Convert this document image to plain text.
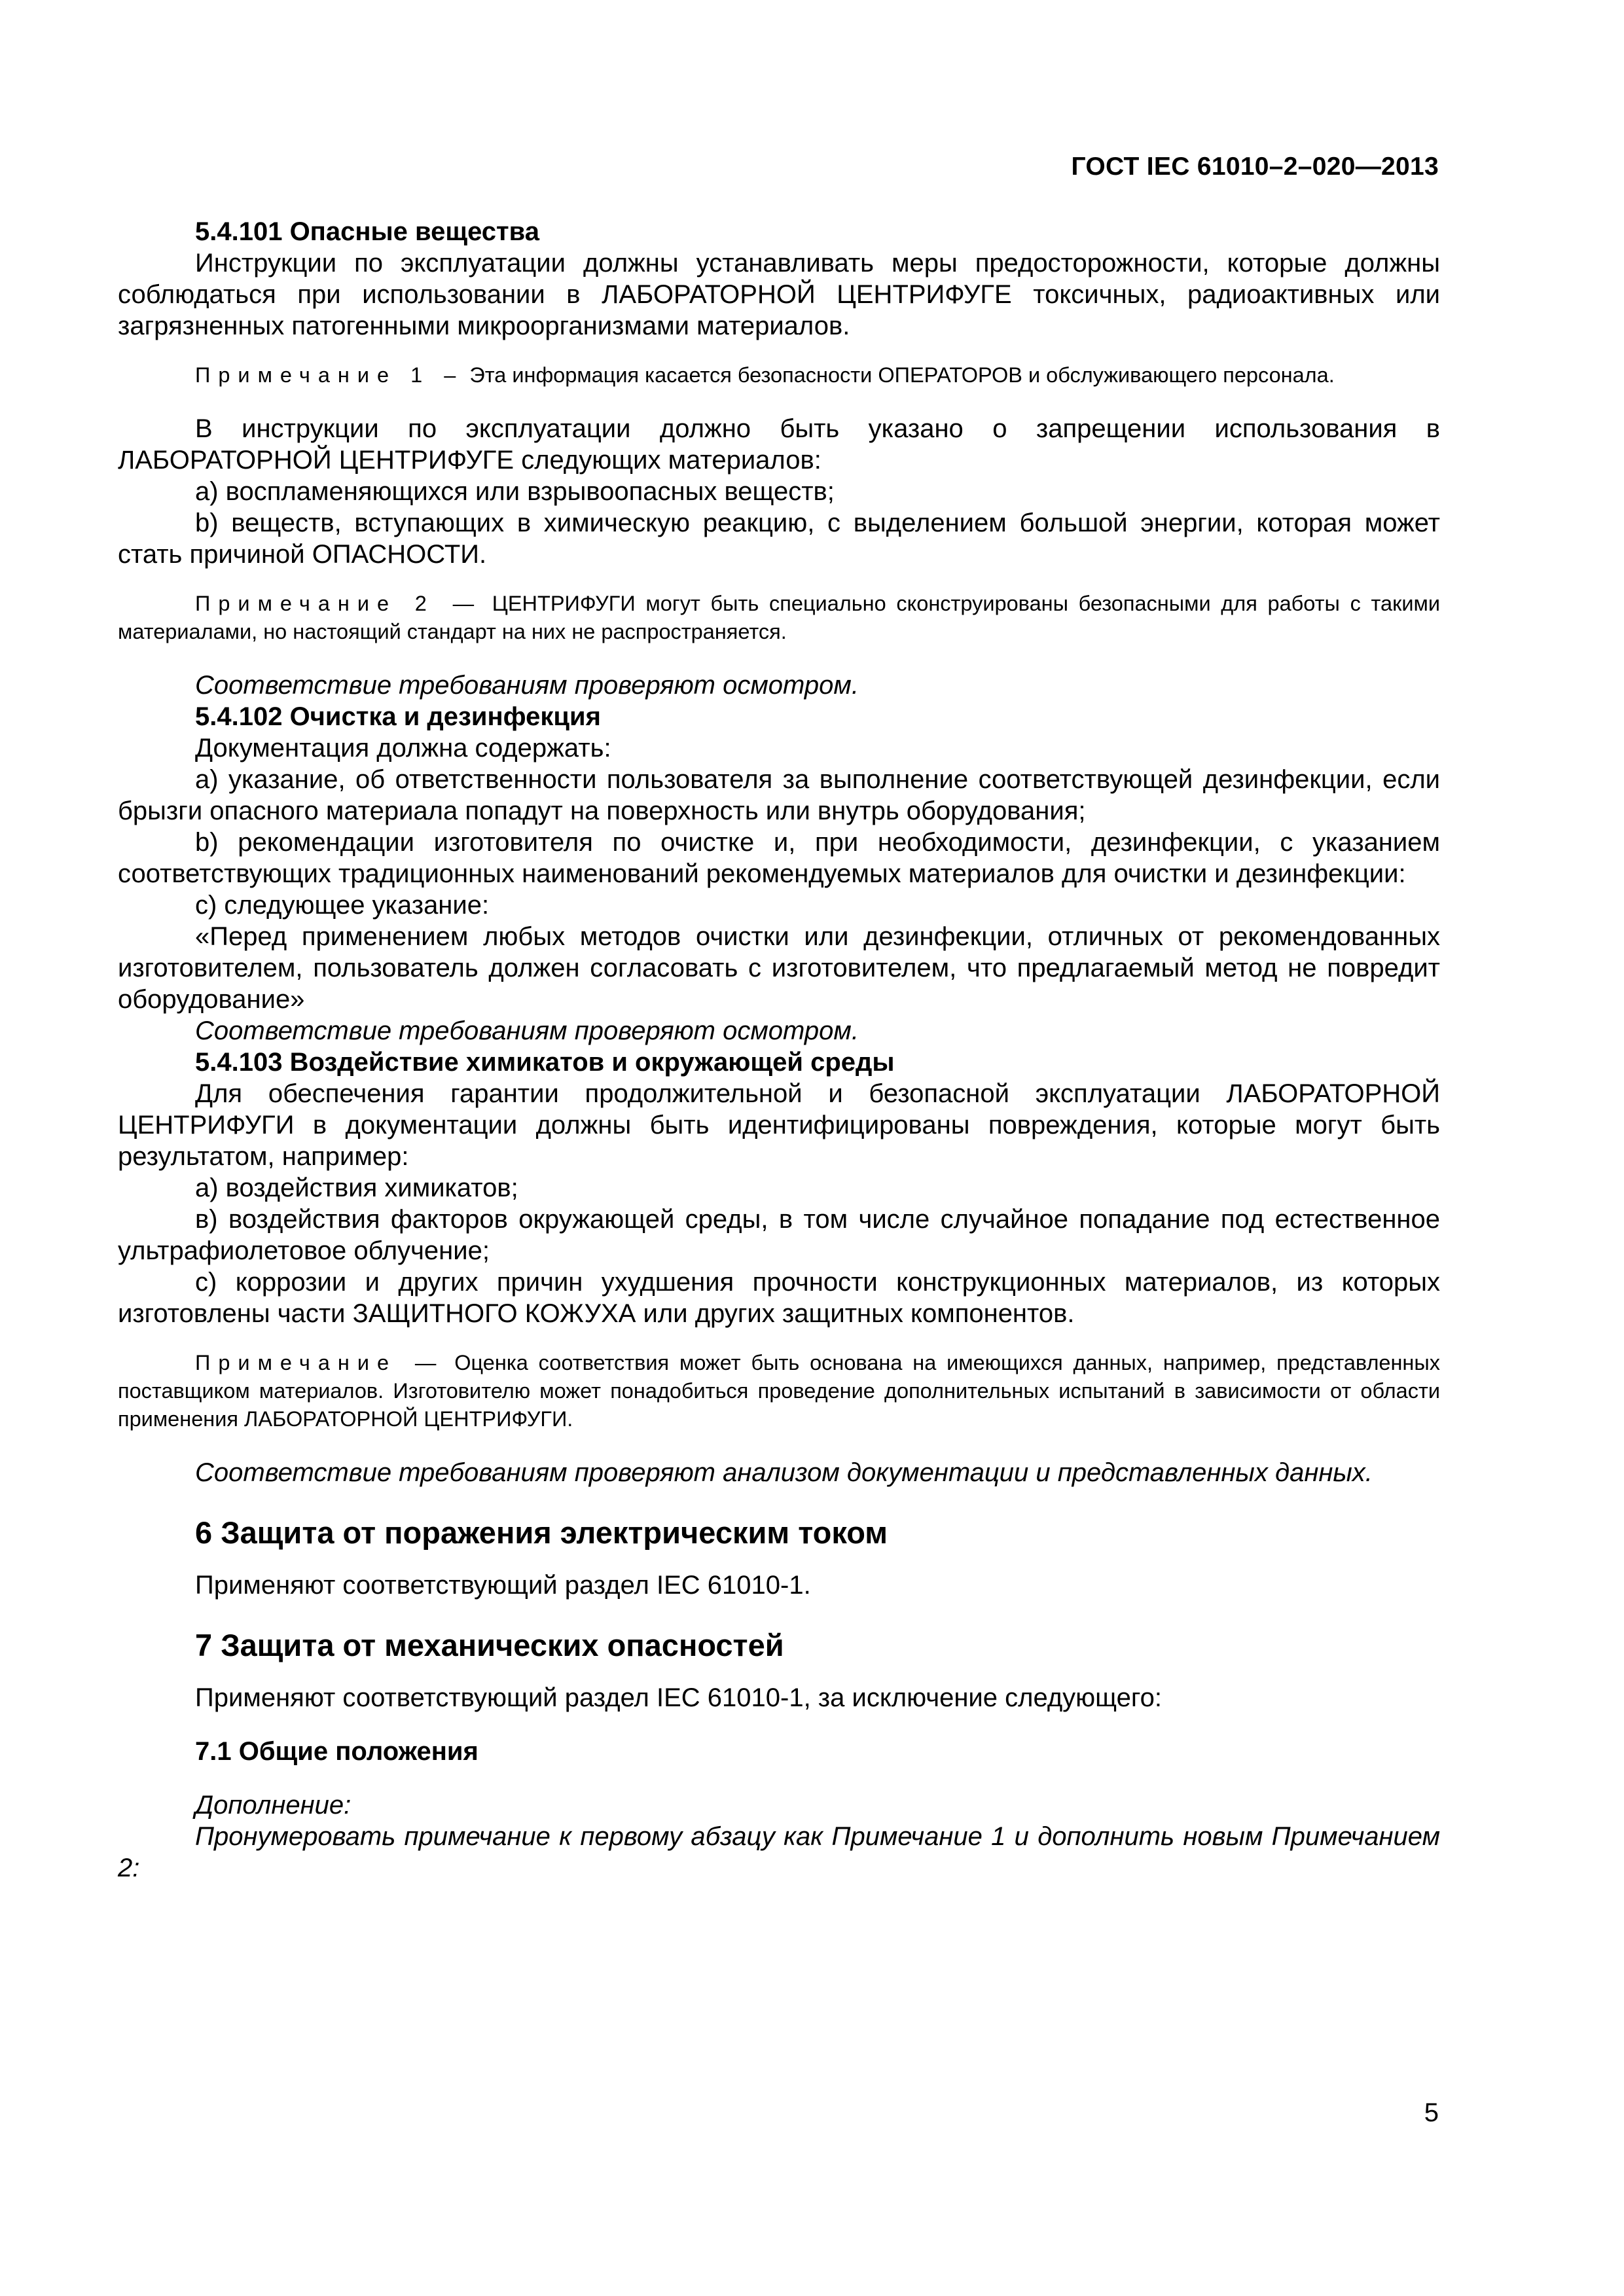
ГОСТ IEC 61010–2–020—2013

5.4.101 Опасные вещества

Инструкции по эксплуатации должны устанавливать меры предосторожности, которые должны соблюдаться при использовании в ЛАБОРАТОРНОЙ ЦЕНТРИФУГЕ токсичных, радиоактивных или загрязненных патогенными микроорганизмами материалов.

Примечание 1 – Эта информация касается безопасности ОПЕРАТОРОВ и обслуживающего персонала.

В инструкции по эксплуатации должно быть указано о запрещении использования в ЛАБОРАТОРНОЙ ЦЕНТРИФУГЕ следующих материалов:

а) воспламеняющихся или взрывоопасных веществ;

b) веществ, вступающих в химическую реакцию, с выделением большой энергии, которая может стать причиной ОПАСНОСТИ.

Примечание 2 — ЦЕНТРИФУГИ могут быть специально сконструированы безопасными для работы с такими материалами, но настоящий стандарт на них не распространяется.

Соответствие требованиям проверяют осмотром.

5.4.102 Очистка и дезинфекция

Документация должна содержать:

а) указание, об ответственности пользователя за выполнение соответствующей дезинфекции, если брызги опасного материала попадут на поверхность или внутрь оборудования;

b) рекомендации изготовителя по очистке и, при необходимости, дезинфекции, с указанием соответствующих традиционных наименований рекомендуемых материалов для очистки и дезинфекции:

с) следующее указание:

«Перед применением любых методов очистки или дезинфекции, отличных от рекомендованных изготовителем, пользователь должен согласовать с изготовителем, что предлагаемый метод не повредит оборудование»

Соответствие требованиям проверяют осмотром.

5.4.103 Воздействие химикатов и окружающей среды

Для обеспечения гарантии продолжительной и безопасной эксплуатации ЛАБОРАТОРНОЙ ЦЕНТРИФУГИ в документации должны быть идентифицированы повреждения, которые могут быть результатом, например:

а) воздействия химикатов;

в) воздействия факторов окружающей среды, в том числе случайное попадание под естественное ультрафиолетовое облучение;

с) коррозии и других причин ухудшения прочности конструкционных материалов, из которых изготовлены части ЗАЩИТНОГО КОЖУХА или других защитных компонентов.

Примечание — Оценка соответствия может быть основана на имеющихся данных, например, представленных поставщиком материалов. Изготовителю может понадобиться проведение дополнительных испытаний в зависимости от области применения ЛАБОРАТОРНОЙ ЦЕНТРИФУГИ.

Соответствие требованиям проверяют анализом документации и представленных данных.

6 Защита от поражения электрическим током

Применяют соответствующий раздел IEC 61010-1.

7 Защита от механических опасностей

Применяют соответствующий раздел IEC 61010-1, за исключение следующего:

7.1 Общие положения

Дополнение:

Пронумеровать примечание к первому абзацу как Примечание 1 и дополнить новым Примечанием 2:

5
